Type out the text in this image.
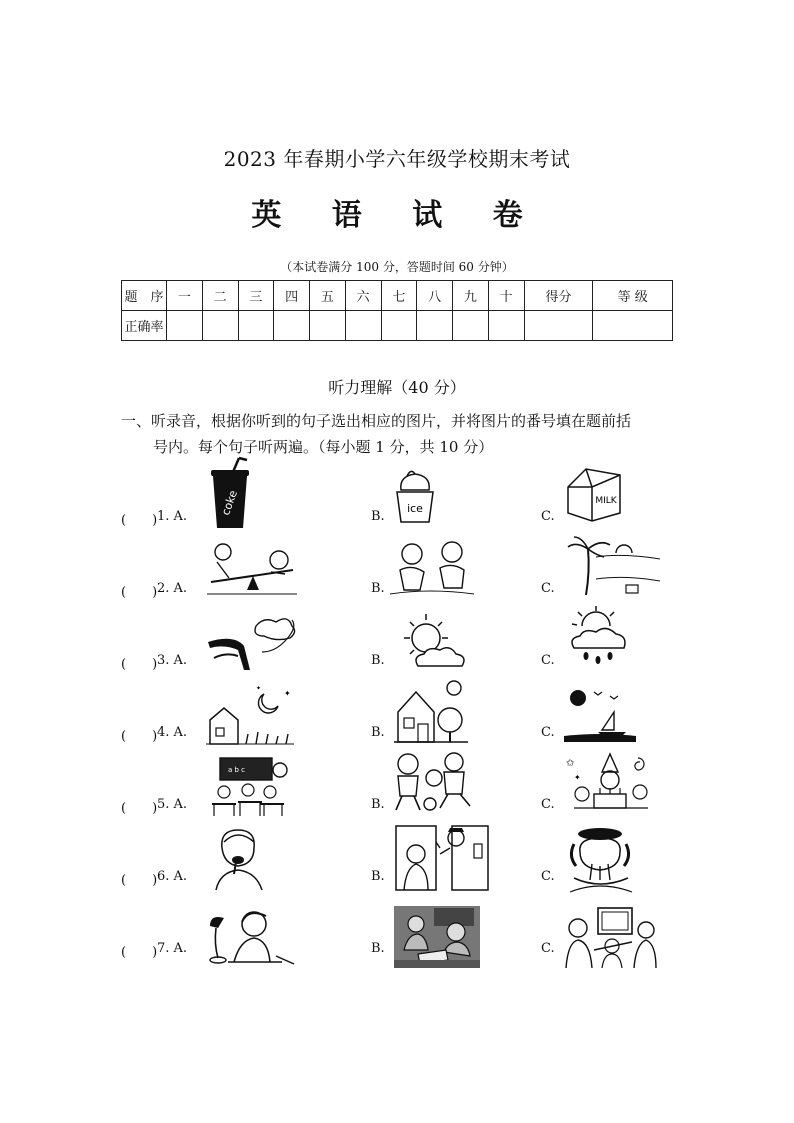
2023 年春期小学六年级学校期末考试
英 语 试 卷
（本试卷满分 100 分，答题时间 60 分钟）
题　序	一	二	三	四	五	六	七	八	九	十	得分	等 级
正确率												
听力理解（40 分）
一、听录音，根据你听到的句子选出相应的图片，并将图片的番号填在题前括
号内。每个句子听两遍。（每小题 1 分，共 10 分）
(　　) 1. A.	coke	B.
ice
C.
MILK
(　　) 2. A.	B.	C.
(　　) 3. A.	B.	C.
(　　) 4. A.
✦
✦
B.	C.
(　　) 5. A.
a b c
B.	C.
✩
✦
(　　) 6. A.	B.	C.
(　　) 7. A.	B.	C.
